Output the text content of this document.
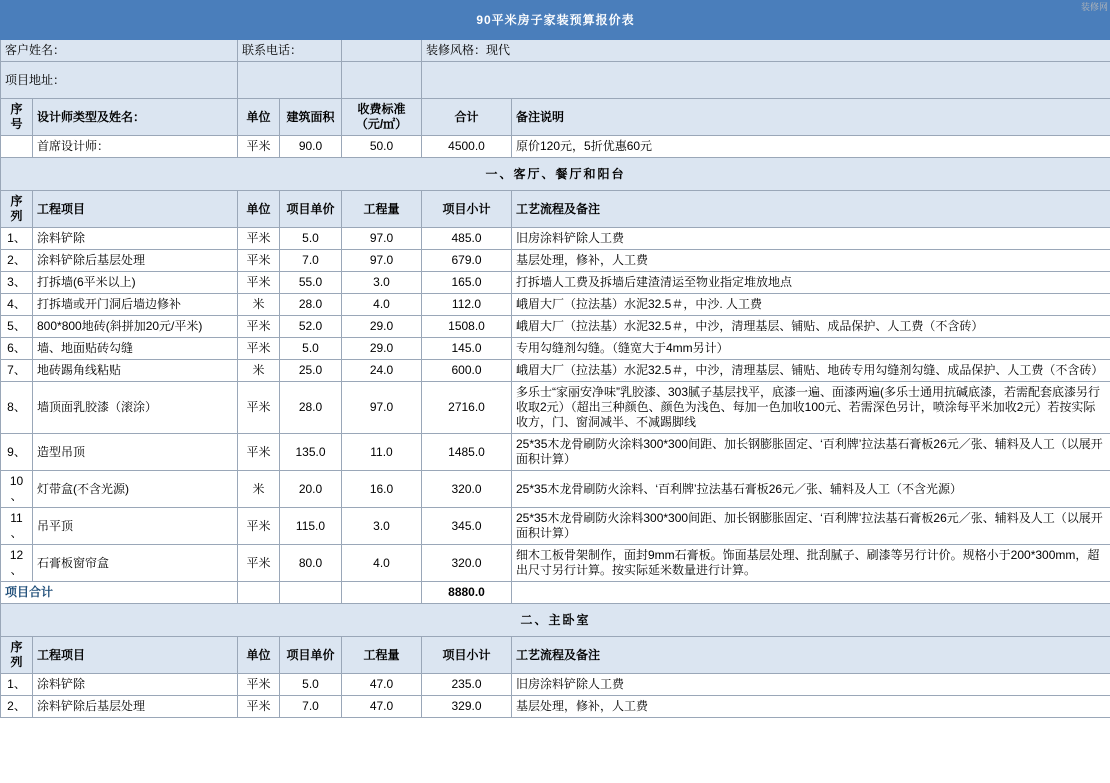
装修网
90平米房子家装预算报价表						
客户姓名：		联系电话：			装修风格：现代	
项目地址：						
序号	设计师类型及姓名：	单位	建筑面积	收费标准（元/㎡）	合计	备注说明
	首席设计师：	平米	90.0	50.0	4500.0	原价120元，5折优惠60元
一、客厅、餐厅和阳台						
序列	工程项目	单位	项目单价	工程量	项目小计	工艺流程及备注
1、	涂料铲除	平米	5.0	97.0	485.0	旧房涂料铲除人工费
2、	涂料铲除后基层处理	平米	7.0	97.0	679.0	基层处理，修补，人工费
3、	打拆墙(6平米以上)	平米	55.0	3.0	165.0	打拆墙人工费及拆墙后建渣清运至物业指定堆放地点
4、	打拆墙或开门洞后墙边修补	米	28.0	4.0	112.0	峨眉大厂（拉法基）水泥32.5＃，中沙. 人工费
5、	800*800地砖(斜拼加20元/平米)	平米	52.0	29.0	1508.0	峨眉大厂（拉法基）水泥32.5＃，中沙，清理基层、铺贴、成品保护、人工费（不含砖）
6、	墙、地面贴砖勾缝	平米	5.0	29.0	145.0	专用勾缝剂勾缝。（缝宽大于4mm另计）
7、	地砖踢角线粘贴	米	25.0	24.0	600.0	峨眉大厂（拉法基）水泥32.5＃，中沙，清理基层、铺贴、地砖专用勾缝剂勾缝、成品保护、人工费（不含砖）
8、	墙顶面乳胶漆（滚涂）	平米	28.0	97.0	2716.0	多乐士“家丽安净味”乳胶漆、303腻子基层找平，底漆一遍、面漆两遍(多乐士通用抗碱底漆，若需配套底漆另行收取2元）（超出三种颜色、颜色为浅色、每加一色加收100元、若需深色另计，喷涂每平米加收2元）若按实际收方，门、窗洞减半、不减踢脚线
9、	造型吊顶	平米	135.0	11.0	1485.0	25*35木龙骨刷防火涂料300*300间距、加长钢膨胀固定、‘百利牌’拉法基石膏板26元／张、辅料及人工（以展开面积计算）
10、	灯带盒(不含光源)	米	20.0	16.0	320.0	25*35木龙骨刷防火涂料、‘百利牌’拉法基石膏板26元／张、辅料及人工（不含光源）
11、	吊平顶	平米	115.0	3.0	345.0	25*35木龙骨刷防火涂料300*300间距、加长钢膨胀固定、‘百利牌’拉法基石膏板26元／张、辅料及人工（以展开面积计算）
12、	石膏板窗帘盒	平米	80.0	4.0	320.0	细木工板骨架制作，面封9mm石膏板。饰面基层处理、批刮腻子、刷漆等另行计价。规格小于200*300mm，超出尺寸另行计算。按实际延米数量进行计算。
项目合计					8880.0	
二、主卧室						
序列	工程项目	单位	项目单价	工程量	项目小计	工艺流程及备注
1、	涂料铲除	平米	5.0	47.0	235.0	旧房涂料铲除人工费
2、	涂料铲除后基层处理	平米	7.0	47.0	329.0	基层处理，修补，人工费
